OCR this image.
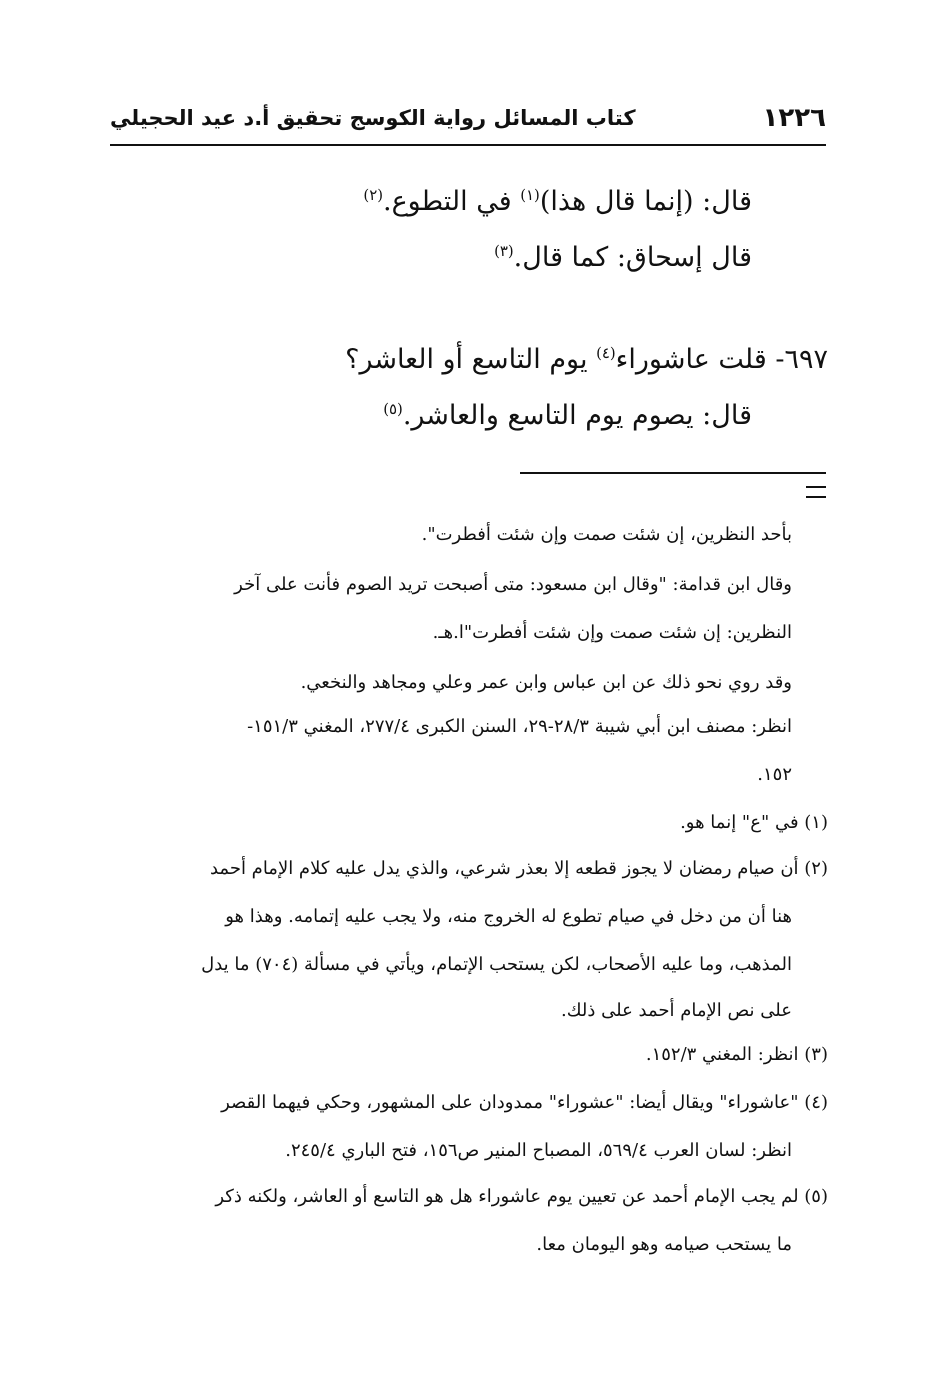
١٢٢٦
كتاب المسائل رواية الكوسج تحقيق أ.د عيد الحجيلي
قال: (إنما قال هذا)$^{(١)}$ في التطوع.$^{(٢)}$
قال إسحاق: كما قال.$^{(٣)}$
٦٩٧- قلت عاشوراء$^{(٤)}$ يوم التاسع أو العاشر؟
قال: يصوم يوم التاسع والعاشر.$^{(٥)}$
بأحد النظرين، إن شئت صمت وإن شئت أفطرت".
وقال ابن قدامة: "وقال ابن مسعود: متى أصبحت تريد الصوم فأنت على آخر
النظرين: إن شئت صمت وإن شئت أفطرت"ا.هـ.
وقد روي نحو ذلك عن ابن عباس وابن عمر وعلي ومجاهد والنخعي.
انظر: مصنف ابن أبي شيبة ٢٨/٣-٢٩، السنن الكبرى ٢٧٧/٤، المغني ١٥١/٣-
١٥٢.
(١) في "ع" إنما هو.
(٢) أن صيام رمضان لا يجوز قطعه إلا بعذر شرعي، والذي يدل عليه كلام الإمام أحمد
هنا أن من دخل في صيام تطوع له الخروج منه، ولا يجب عليه إتمامه. وهذا هو
المذهب، وما عليه الأصحاب، لكن يستحب الإتمام، ويأتي في مسألة (٧٠٤) ما يدل
على نص الإمام أحمد على ذلك.
(٣) انظر: المغني ١٥٢/٣.
(٤) "عاشوراء" ويقال أيضا: "عشوراء" ممدودان على المشهور، وحكي فيهما القصر
انظر: لسان العرب ٥٦٩/٤، المصباح المنير ص١٥٦، فتح الباري ٢٤٥/٤.
(٥) لم يجب الإمام أحمد عن تعيين يوم عاشوراء هل هو التاسع أو العاشر، ولكنه ذكر
ما يستحب صيامه وهو اليومان معا.
